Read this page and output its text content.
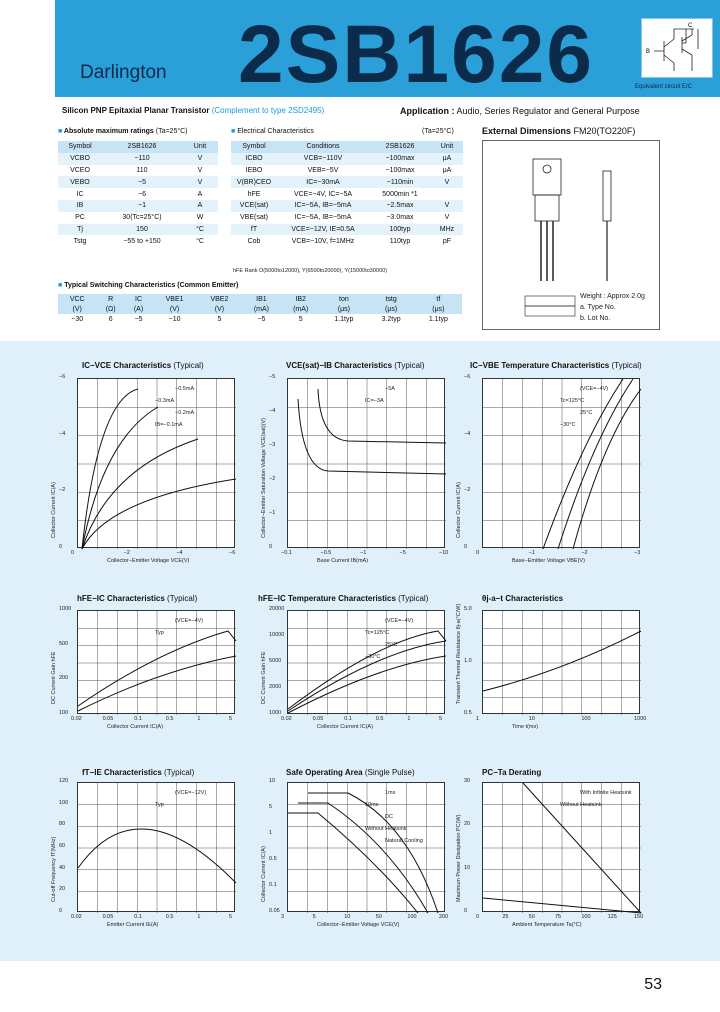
Darlington 2SB1626	B
C
Equivalent circuit E/C
Silicon PNP Epitaxial Planar Transistor (Complement to type 2SD2495)	Application : Audio, Series Regulator and General Purpose
■ Absolute maximum ratings (Ta=25°C)
Symbol	2SB1626	Unit
VCBO	−110	V
VCEO	110	V
VEBO	−5	V
IC	−6	A
IB	−1	A
PC	30(Tc=25°C)	W
Tj	150	°C
Tstg	−55 to +150	°C
■ Electrical Characteristics	(Ta=25°C)
Symbol	Conditions	2SB1626	Unit
ICBO	VCB=−110V	−100max	μA
IEBO	VEB=−5V	−100max	μA
V(BR)CEO	IC=−30mA	−110min	V
hFE	VCE=−4V, IC=−5A	5000min *1	
VCE(sat)	IC=−5A, IB=−5mA	−2.5max	V
VBE(sat)	IC=−5A, IB=−5mA	−3.0max	V
fT	VCE=−12V, IE=0.5A	100typ	MHz
Cob	VCB=−10V, f=1MHz	110typ	pF
hFE Rank O(5000to12000), Y(6500to20000), Y(15000to30000)
External Dimensions FM20(TO220F)
Weight : Approx 2.0g
a. Type No.
b. Lot No.
■ Typical Switching Characteristics (Common Emitter)
VCC	R	IC	VBE1	VBE2	IB1	IB2	ton	tstg	tf
(V)	(Ω)	(A)	(V)	(V)	(mA)	(mA)	(μs)	(μs)	(μs)
−30	6	−5	−10	5	−5	5	1.1typ	3.2typ	1.1typ
IC−VCE Characteristics (Typical)
0	−2	−4	−6
−6
−4
−2
0
Collector−Emitter Voltage VCE(V)
Collector Current IC(A)
−0.5mA
−0.3mA
−0.2mA
IB=−0.1mA
VCE(sat)−IB Characteristics (Typical)
−0.1	−0.5	−1	−5	−10
−5
−4
−3
−2
−1
0
Base Current IB(mA)
Collector−Emitter Saturation Voltage VCE(sat)(V)
−5A
IC=−3A
IC−VBE Temperature Characteristics (Typical)
0	−1	−2	−3
−6
−4
−2
0
Base−Emitter Voltage VBE(V)
Collector Current IC(A)
(VCE=−4V)
Tc=125°C
25°C
−30°C
hFE−IC Characteristics (Typical)
0.02	0.05	0.1	0.5	1	5
1000
500
200
100
Collector Current IC(A)
DC Current Gain hFE
(VCE=−4V)
Typ
hFE−IC Temperature Characteristics (Typical)
0.02	0.05	0.1	0.5	1	5
20000
10000
5000
2000
1000
Collector Current IC(A)
DC Current Gain hFE
(VCE=−4V)
Tc=125°C
25°C
−30°C
θj-a−t Characteristics
1	10	100	1000
5.0
1.0
0.5
Time t(ms)
Transient Thermal Resistance θj-a(°C/W)
fT−IE Characteristics (Typical)
0.02	0.05	0.1	0.5	1	5
120
100
80
60
40
20
0
Emitter Current IE(A)
Cut-off Frequency fT(MHz)
(VCE=−12V)
Typ
Safe Operating Area (Single Pulse)
3	5	10	50	100	200
10
5
1
0.5
0.1
0.05
Collector−Emitter Voltage VCE(V)
Collector Current IC(A)
1ms
10ms
DC
Without Heatsink
Natural Cooling
PC−Ta Derating
0	25	50	75	100	125	150
30
20
10
0
Ambient Temperature Ta(°C)
Maximum Power Dissipation PC(W)
With Infinite Heatsink
Without Heatsink
53
